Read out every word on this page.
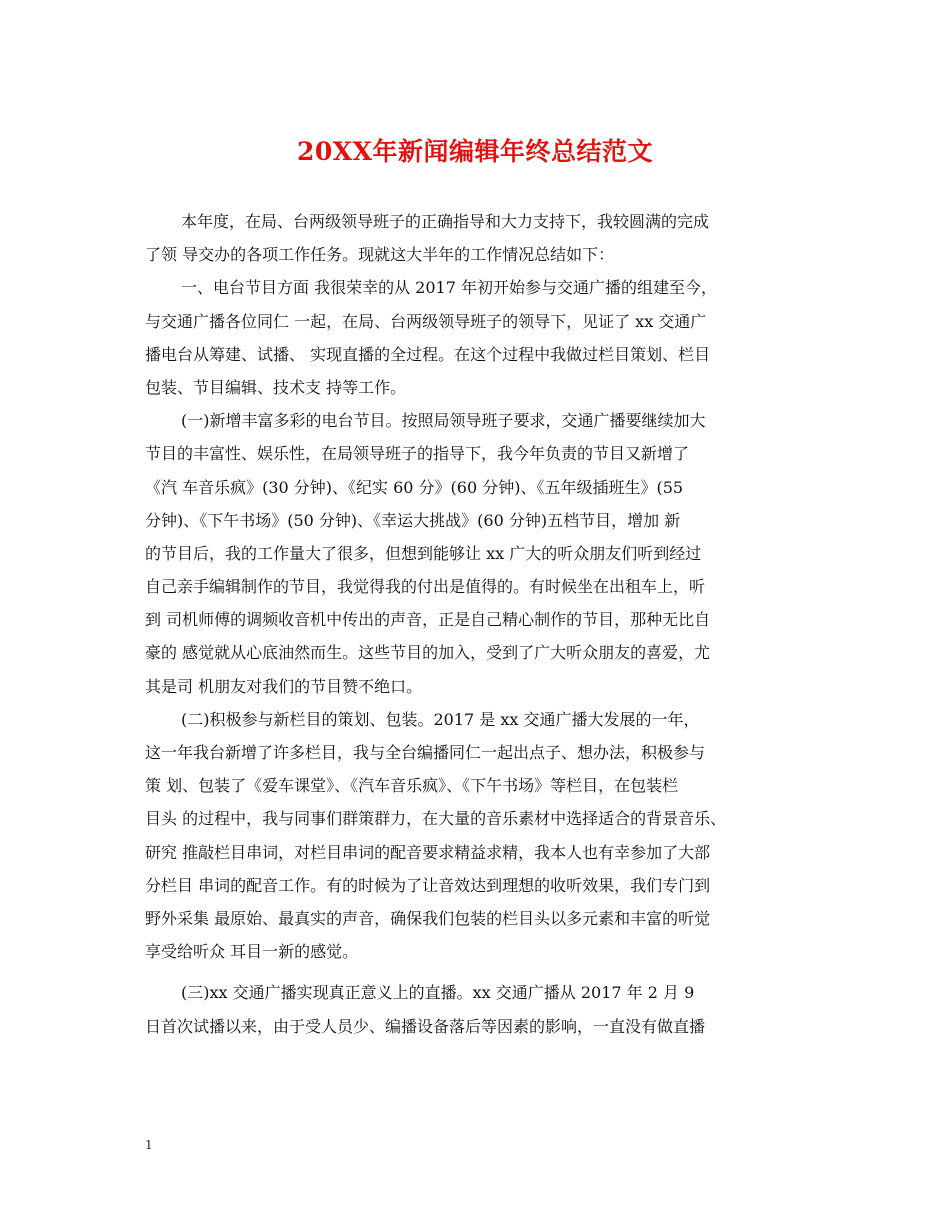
20XX年新闻编辑年终总结范文
本年度，在局、台两级领导班子的正确指导和大力支持下，我较圆满的完成
了领 导交办的各项工作任务。现就这大半年的工作情况总结如下：
一、电台节目方面 我很荣幸的从 2017 年初开始参与交通广播的组建至今，
与交通广播各位同仁 一起，在局、台两级领导班子的领导下，见证了 xx 交通广
播电台从筹建、试播、 实现直播的全过程。在这个过程中我做过栏目策划、栏目
包装、节目编辑、技术支 持等工作。
(一)新增丰富多彩的电台节目。按照局领导班子要求，交通广播要继续加大
节目的丰富性、娱乐性，在局领导班子的指导下，我今年负责的节目又新增了
《汽 车音乐疯》(30 分钟)、《纪实 60 分》(60 分钟)、《五年级插班生》(55
分钟)、《下午书场》(50 分钟)、《幸运大挑战》(60 分钟)五档节目，增加 新
的节目后，我的工作量大了很多，但想到能够让 xx 广大的听众朋友们听到经过
自己亲手编辑制作的节目，我觉得我的付出是值得的。有时候坐在出租车上，听
到 司机师傅的调频收音机中传出的声音，正是自己精心制作的节目，那种无比自
豪的 感觉就从心底油然而生。这些节目的加入，受到了广大听众朋友的喜爱，尤
其是司 机朋友对我们的节目赞不绝口。
(二)积极参与新栏目的策划、包装。2017 是 xx 交通广播大发展的一年，
这一年我台新增了许多栏目，我与全台编播同仁一起出点子、想办法，积极参与
策 划、包装了《爱车课堂》、《汽车音乐疯》、《下午书场》等栏目，在包装栏
目头 的过程中，我与同事们群策群力，在大量的音乐素材中选择适合的背景音乐、
研究 推敲栏目串词，对栏目串词的配音要求精益求精，我本人也有幸参加了大部
分栏目 串词的配音工作。有的时候为了让音效达到理想的收听效果，我们专门到
野外采集 最原始、最真实的声音，确保我们包装的栏目头以多元素和丰富的听觉
享受给听众 耳目一新的感觉。
(三)xx 交通广播实现真正意义上的直播。xx 交通广播从 2017 年 2 月 9
日首次试播以来，由于受人员少、编播设备落后等因素的影响，一直没有做直播
1
